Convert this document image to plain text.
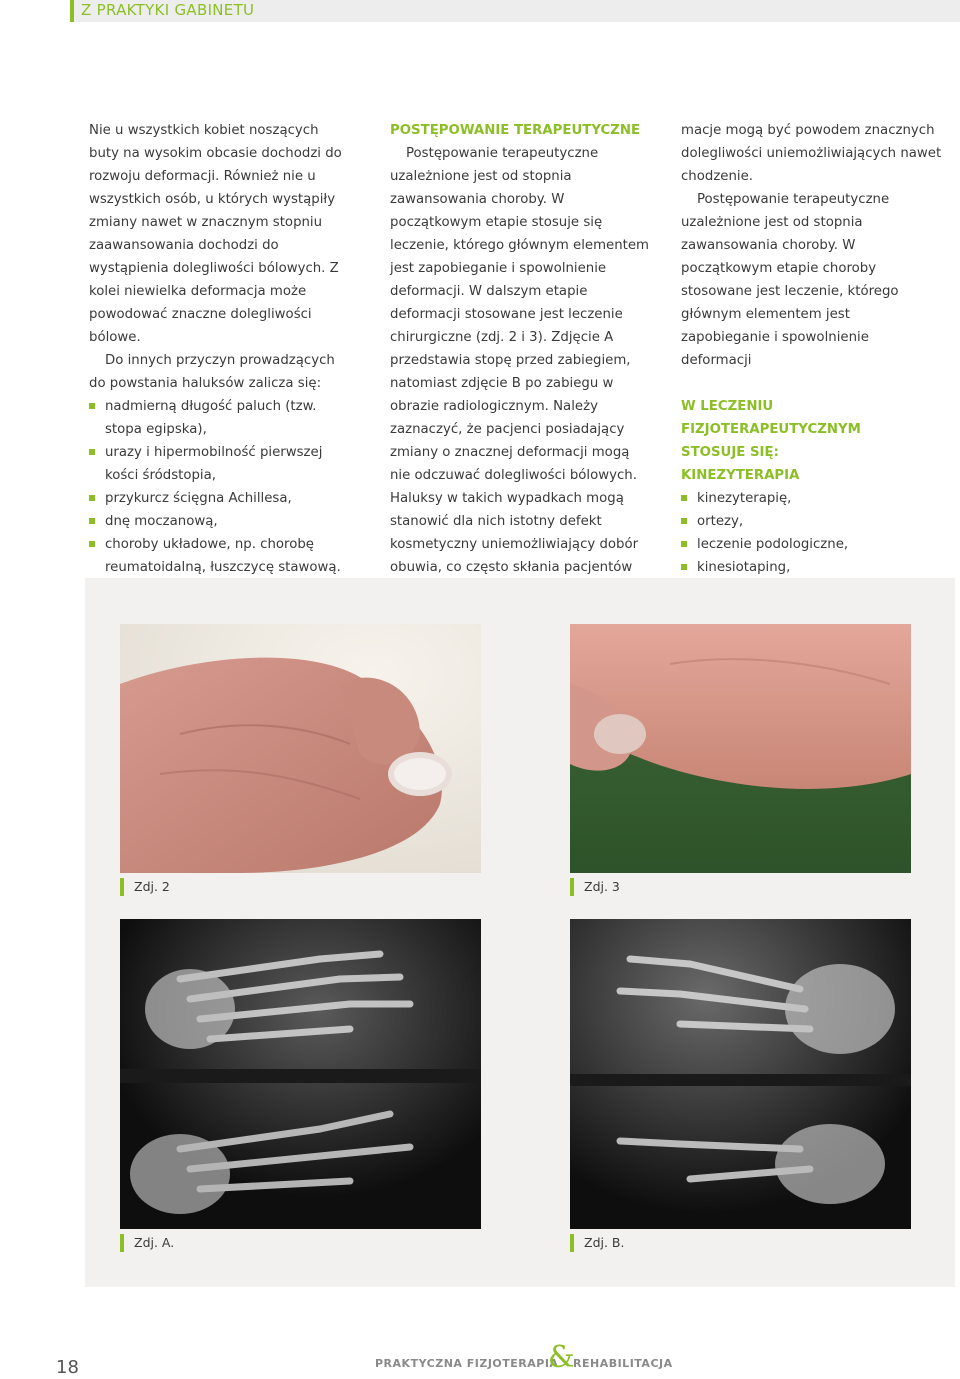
Z PRAKTYKI GABINETU

Nie u wszystkich kobiet noszących buty na wysokim obcasie dochodzi do rozwoju deformacji. Również nie u wszystkich osób, u których wystąpiły zmiany nawet w znacznym stopniu zaawansowania dochodzi do wystąpienia dolegliwości bólowych. Z kolei niewielka deformacja może powodować znaczne dolegliwości bólowe.

Do innych przyczyn prowadzących do powstania haluksów zalicza się:

nadmierną długość paluch (tzw. stopa egipska),
urazy i hipermobilność pierwszej kości śródstopia,
przykurcz ścięgna Achillesa,
dnę moczanową,
choroby układowe, np. chorobę reumatoidalną, łuszczycę stawową.
POSTĘPOWANIE TERAPEUTYCZNE

Postępowanie terapeutyczne uzależnione jest od stopnia zawansowania choroby. W początkowym etapie stosuje się leczenie, którego głównym elementem jest zapobieganie i spowolnienie deformacji. W dalszym etapie deformacji stosowane jest leczenie chirurgiczne (zdj. 2 i 3). Zdjęcie A przedstawia stopę przed zabiegiem, natomiast zdjęcie B po zabiegu w obrazie radiologicznym. Należy zaznaczyć, że pacjenci posiadający zmiany o znacznej deformacji mogą nie odczuwać dolegliwości bólowych. Haluksy w takich wypadkach mogą stanowić dla nich istotny defekt kosmetyczny uniemożliwiający dobór obuwia, co często skłania pacjentów

macje mogą być powodem znacznych dolegliwości uniemożliwiających nawet chodzenie.

Postępowanie terapeutyczne uzależnione jest od stopnia zawansowania choroby. W początkowym etapie choroby stosowane jest leczenie, którego głównym elementem jest zapobieganie i spowolnienie deformacji

W LECZENIU FIZJOTERAPEUTYCZNYM
STOSUJE SIĘ:
KINEZYTERAPIA
kinezyterapię,
ortezy,
leczenie podologiczne,
kinesiotaping,
Zdj. 2	Zdj. 3
Zdj. A.	Zdj. B.
18	PRAKTYCZNA FIZJOTERAPIA
&
REHABILITACJA
